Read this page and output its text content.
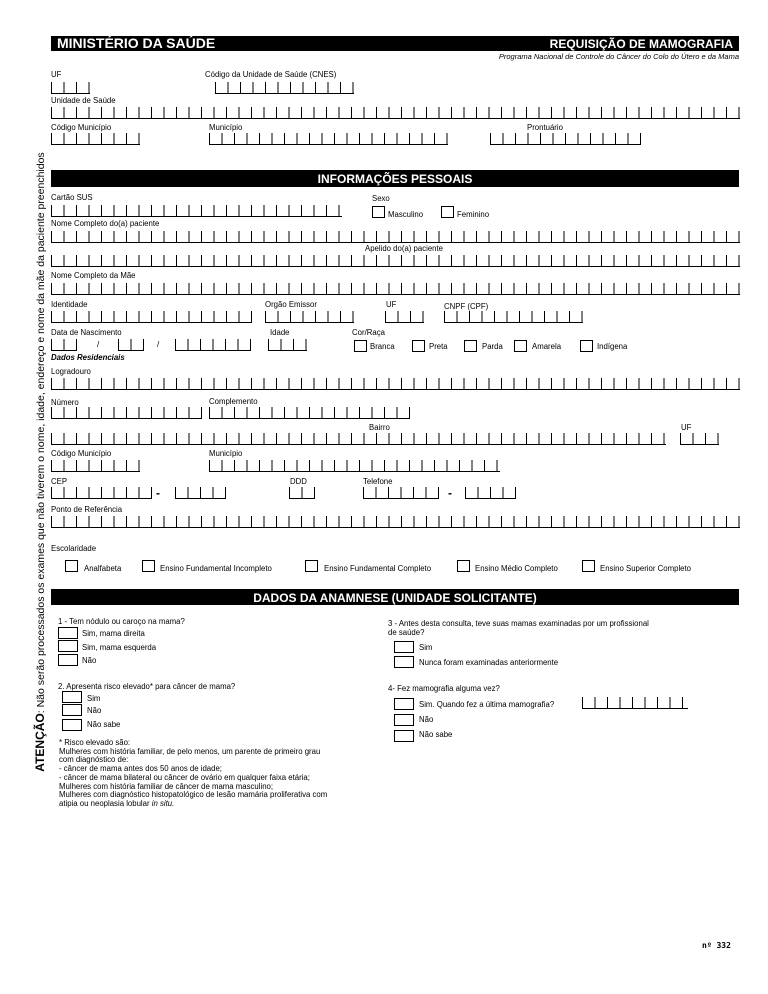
ATENÇÃO: Não serão processados os exames que não tiverem o nome, idade, endereço e nome da mãe da paciente preenchidos
MINISTÉRIO DA SAÚDE	REQUISIÇÃO DE MAMOGRAFIA
Programa Nacional de Controle do Câncer do Colo do Útero e da Mama
UF	Código da Unidade de Saúde (CNES)
Unidade de Saúde
Código Município	Município	Prontuário
INFORMAÇÕES PESSOAIS
Cartão SUS	Sexo
Masculino	Feminino
Nome Completo do(a) paciente
Apelido do(a) paciente
Nome Completo da Mãe
Identidade	Orgão Emissor	UF	CNPF (CPF)
Data de Nascimento
/	/
Idade	Cor/Raça
Branca	Preta	Parda	Amarela	Indígena
Dados Residenciais
Logradouro
Número	Complemento
Bairro	UF
Código Município	Município
CEP
-
DDD	Telefone
-
Ponto de Referência
Escolaridade
Analfabeta	Ensino Fundamental Incompleto	Ensino Fundamental Completo	Ensino Médio Completo	Ensino Superior Completo
DADOS DA ANAMNESE (UNIDADE SOLICITANTE)
1 - Tem nódulo ou caroço na mama?
Sim, mama direita
Sim, mama esquerda
Não
2. Apresenta risco elevado* para câncer de mama?
Sim
Não
Não sabe
3 - Antes desta consulta, teve suas mamas examinadas por um profissional
de saúde?
Sim
Nunca foram examinadas anteriormente
4- Fez mamografia alguma vez?
Sim. Quando fez a última mamografia?
Não
Não sabe
* Risco elevado são:
Mulheres com história familiar, de pelo menos, um parente de primeiro grau
com diagnóstico de:
- câncer de mama antes dos 50 anos de idade;
- câncer de mama bilateral ou câncer de ovário em qualquer faixa etária;
Mulheres com história familiar de câncer de mama masculino;
Mulheres com diagnóstico histopatológico de lesão mamária proliferativa com
atipia ou neoplasia lobular in situ.
nº 332
